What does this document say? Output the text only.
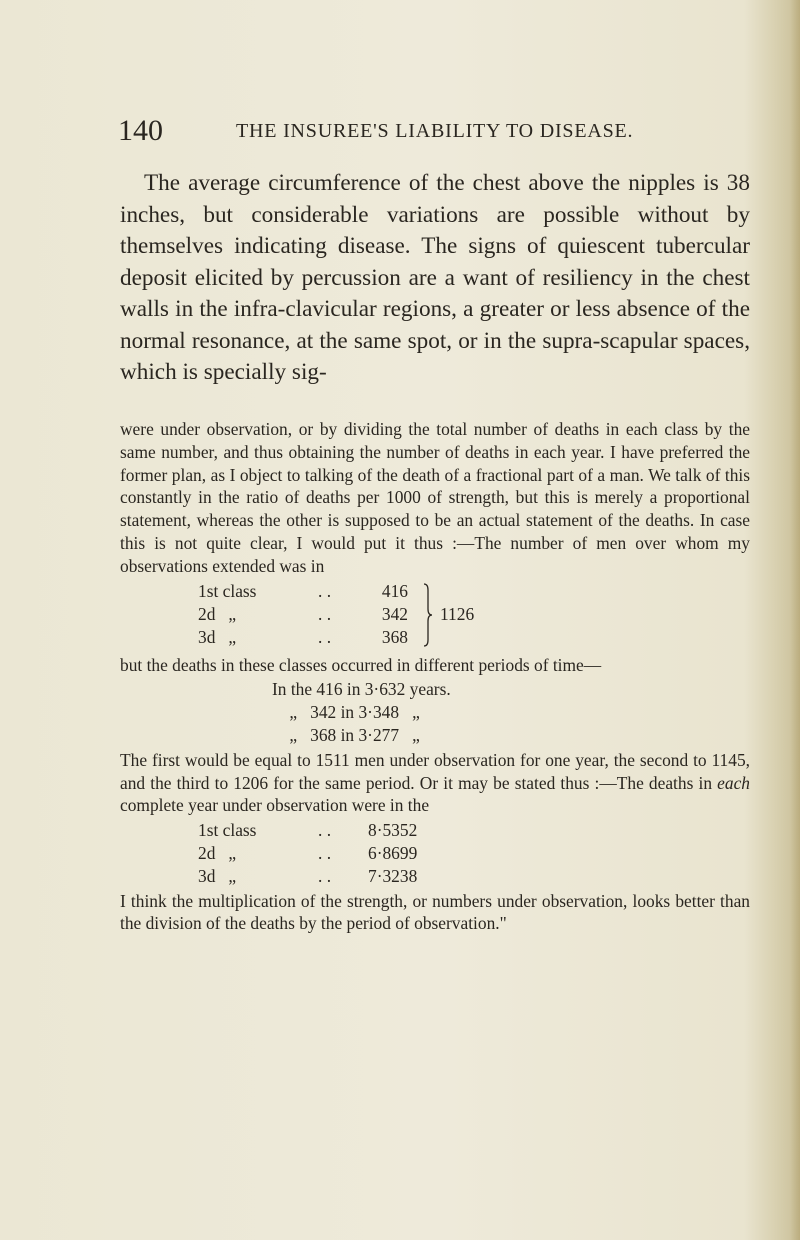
140	THE INSUREE'S LIABILITY TO DISEASE.

The average circumference of the chest above the nipples is 38 inches, but considerable variations are possible without by themselves indicating disease. The signs of quiescent tubercular deposit elicited by percussion are a want of resiliency in the chest walls in the infra-clavicular regions, a greater or less absence of the normal resonance, at the same spot, or in the supra-scapular spaces, which is specially sig-

were under observation, or by dividing the total number of deaths in each class by the same number, and thus obtaining the number of deaths in each year. I have preferred the former plan, as I object to talking of the death of a fractional part of a man. We talk of this constantly in the ratio of deaths per 1000 of strength, but this is merely a proportional statement, whereas the other is supposed to be an actual statement of the deaths. In case this is not quite clear, I would put it thus :—The number of men over whom my observations extended was in

1st class	. .	416
2d   „	. .	342
3d   „	. .	368
1126

but the deaths in these classes occurred in different periods of time—

In the 416 in 3·632 years.
„   342 in 3·348   „
„   368 in 3·277   „

The first would be equal to 1511 men under observation for one year, the second to 1145, and the third to 1206 for the same period. Or it may be stated thus :—The deaths in each complete year under observation were in the

1st class	. . 8·5352
2d   „	. . 6·8699
3d   „	. . 7·3238

I think the multiplication of the strength, or numbers under observation, looks better than the division of the deaths by the period of observation."
